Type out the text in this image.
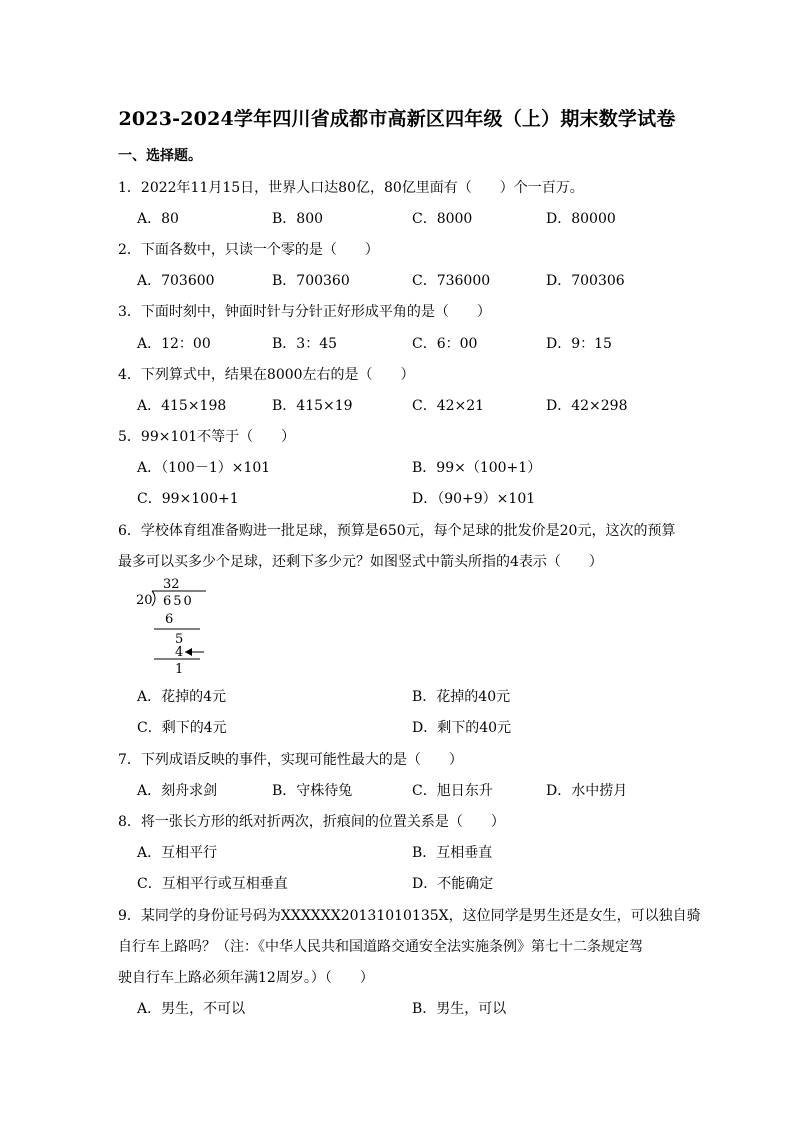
2023-2024学年四川省成都市高新区四年级（上）期末数学试卷
一、选择题。
1．2022年11月15日，世界人口达80亿，80亿里面有（　　）个一百万。
A．80	B．800	C．8000	D．80000
2．下面各数中，只读一个零的是（　　）
A．703600	B．700360	C．736000	D．700306
3．下面时刻中，钟面时针与分针正好形成平角的是（　　）
A．12：00	B．3：45	C．6：00	D．9：15
4．下列算式中，结果在8000左右的是（　　）
A．415×198	B．415×19	C．42×21	D．42×298
5．99×101不等于（　　）
A．（100－1）×101	B．99×（100+1）
C．99×100+1	D．（90+9）×101
6．学校体育组准备购进一批足球，预算是650元，每个足球的批发价是20元，这次的预算
最多可以买多少个足球，还剩下多少元？如图竖式中箭头所指的4表示（　　）
32
20 650
6
5
4
1
A．花掉的4元	B．花掉的40元
C．剩下的4元	D．剩下的40元
7．下列成语反映的事件，实现可能性最大的是（　　）
A．刻舟求剑	B．守株待兔	C．旭日东升	D．水中捞月
8．将一张长方形的纸对折两次，折痕间的位置关系是（　　）
A．互相平行	B．互相垂直
C．互相平行或互相垂直	D．不能确定
9．某同学的身份证号码为XXXXXX20131010135X，这位同学是男生还是女生，可以独自骑
自行车上路吗？（注：《中华人民共和国道路交通安全法实施条例》第七十二条规定驾
驶自行车上路必须年满12周岁。）（　　）
A．男生，不可以	B．男生，可以
